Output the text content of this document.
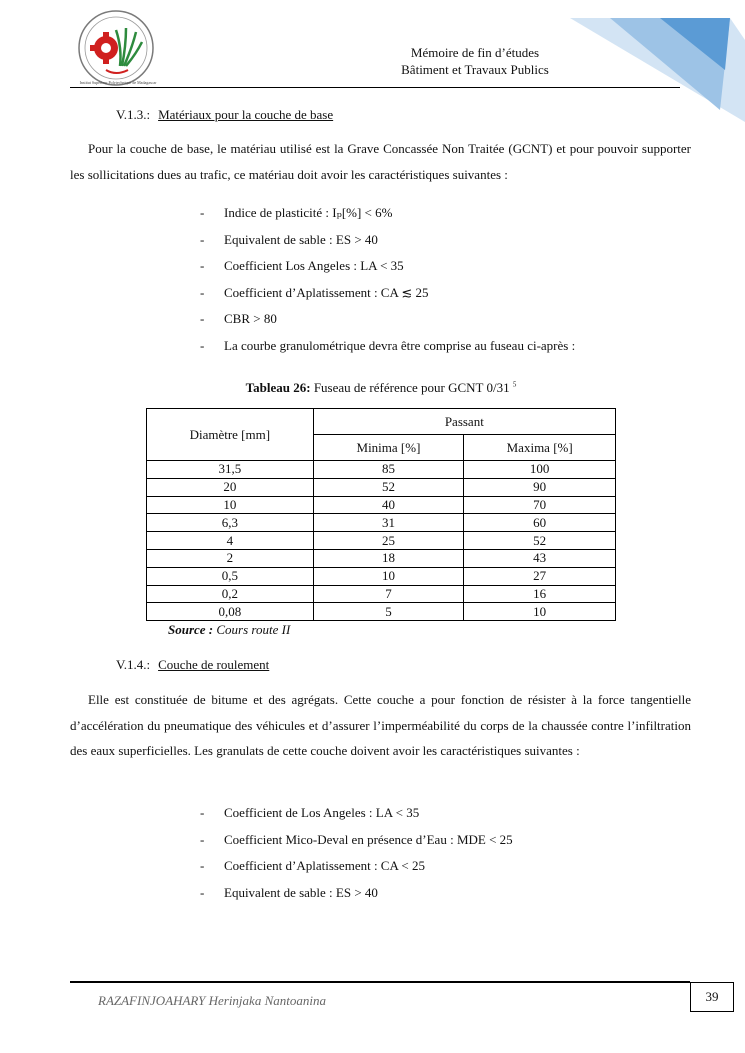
Institut Supérieur Polytechnique de Madagascar
Mémoire de fin d’études
Bâtiment et Travaux Publics
V.1.3.: Matériaux pour la couche de base
Pour la couche de base, le matériau utilisé est la Grave Concassée Non Traitée (GCNT) et pour pouvoir supporter les sollicitations dues au trafic, ce matériau doit avoir les caractéristiques suivantes :
- Indice de plasticité : Iₚ[%] < 6%
- Equivalent de sable : ES > 40
- Coefficient Los Angeles : LA < 35
- Coefficient d’Aplatissement : CA ≲ 25
- CBR > 80
- La courbe granulométrique devra être comprise au fuseau ci-après :
Tableau 26: Fuseau de référence pour GCNT 0/31 $^5$
Diamètre [mm]	Passant	
	Minima [%]	Maxima [%]
31,5	85	100
20	52	90
10	40	70
6,3	31	60
4	25	52
2	18	43
0,5	10	27
0,2	7	16
0,08	5	10
Source : Cours route II
V.1.4.: Couche de roulement
Elle est constituée de bitume et des agrégats. Cette couche a pour fonction de résister à la force tangentielle d’accélération du pneumatique des véhicules et d’assurer l’imperméabilité du corps de la chaussée contre l’infiltration des eaux superficielles. Les granulats de cette couche doivent avoir les caractéristiques suivantes :
- Coefficient de Los Angeles : LA < 35
- Coefficient Mico-Deval en présence d’Eau : MDE < 25
- Coefficient d’Aplatissement : CA < 25
- Equivalent de sable : ES > 40
RAZAFINJOAHARY Herinjaka Nantoanina	39
